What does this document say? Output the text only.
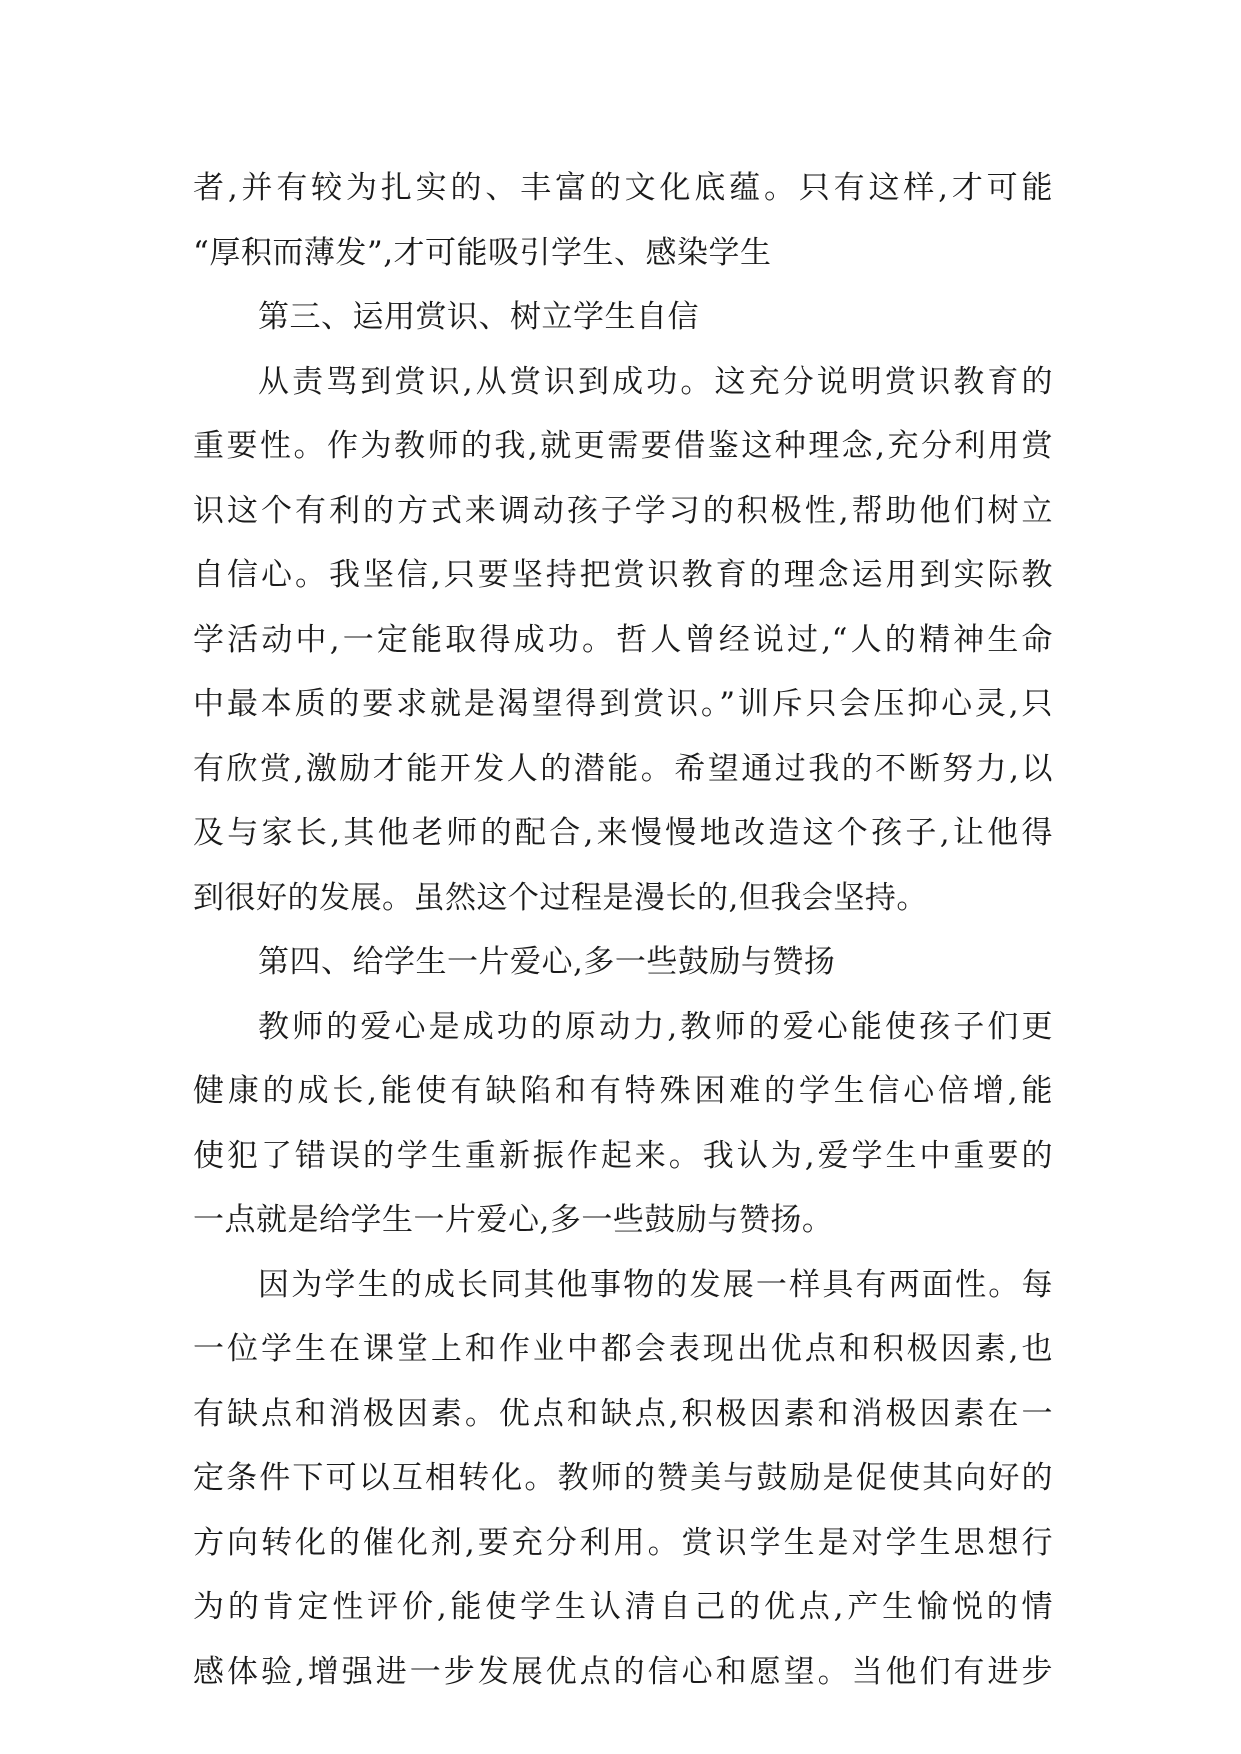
者,并有较为扎实的、丰富的文化底蕴。只有这样,才可能
“厚积而薄发”,才可能吸引学生、感染学生
第三、运用赏识、树立学生自信
从责骂到赏识,从赏识到成功。这充分说明赏识教育的
重要性。作为教师的我,就更需要借鉴这种理念,充分利用赏
识这个有利的方式来调动孩子学习的积极性,帮助他们树立
自信心。我坚信,只要坚持把赏识教育的理念运用到实际教
学活动中,一定能取得成功。哲人曾经说过,“人的精神生命
中最本质的要求就是渴望得到赏识。”训斥只会压抑心灵,只
有欣赏,激励才能开发人的潜能。希望通过我的不断努力,以
及与家长,其他老师的配合,来慢慢地改造这个孩子,让他得
到很好的发展。虽然这个过程是漫长的,但我会坚持。
第四、给学生一片爱心,多一些鼓励与赞扬
教师的爱心是成功的原动力,教师的爱心能使孩子们更
健康的成长,能使有缺陷和有特殊困难的学生信心倍增,能
使犯了错误的学生重新振作起来。我认为,爱学生中重要的
一点就是给学生一片爱心,多一些鼓励与赞扬。
因为学生的成长同其他事物的发展一样具有两面性。每
一位学生在课堂上和作业中都会表现出优点和积极因素,也
有缺点和消极因素。优点和缺点,积极因素和消极因素在一
定条件下可以互相转化。教师的赞美与鼓励是促使其向好的
方向转化的催化剂,要充分利用。赏识学生是对学生思想行
为的肯定性评价,能使学生认清自己的优点,产生愉悦的情
感体验,增强进一步发展优点的信心和愿望。当他们有进步
